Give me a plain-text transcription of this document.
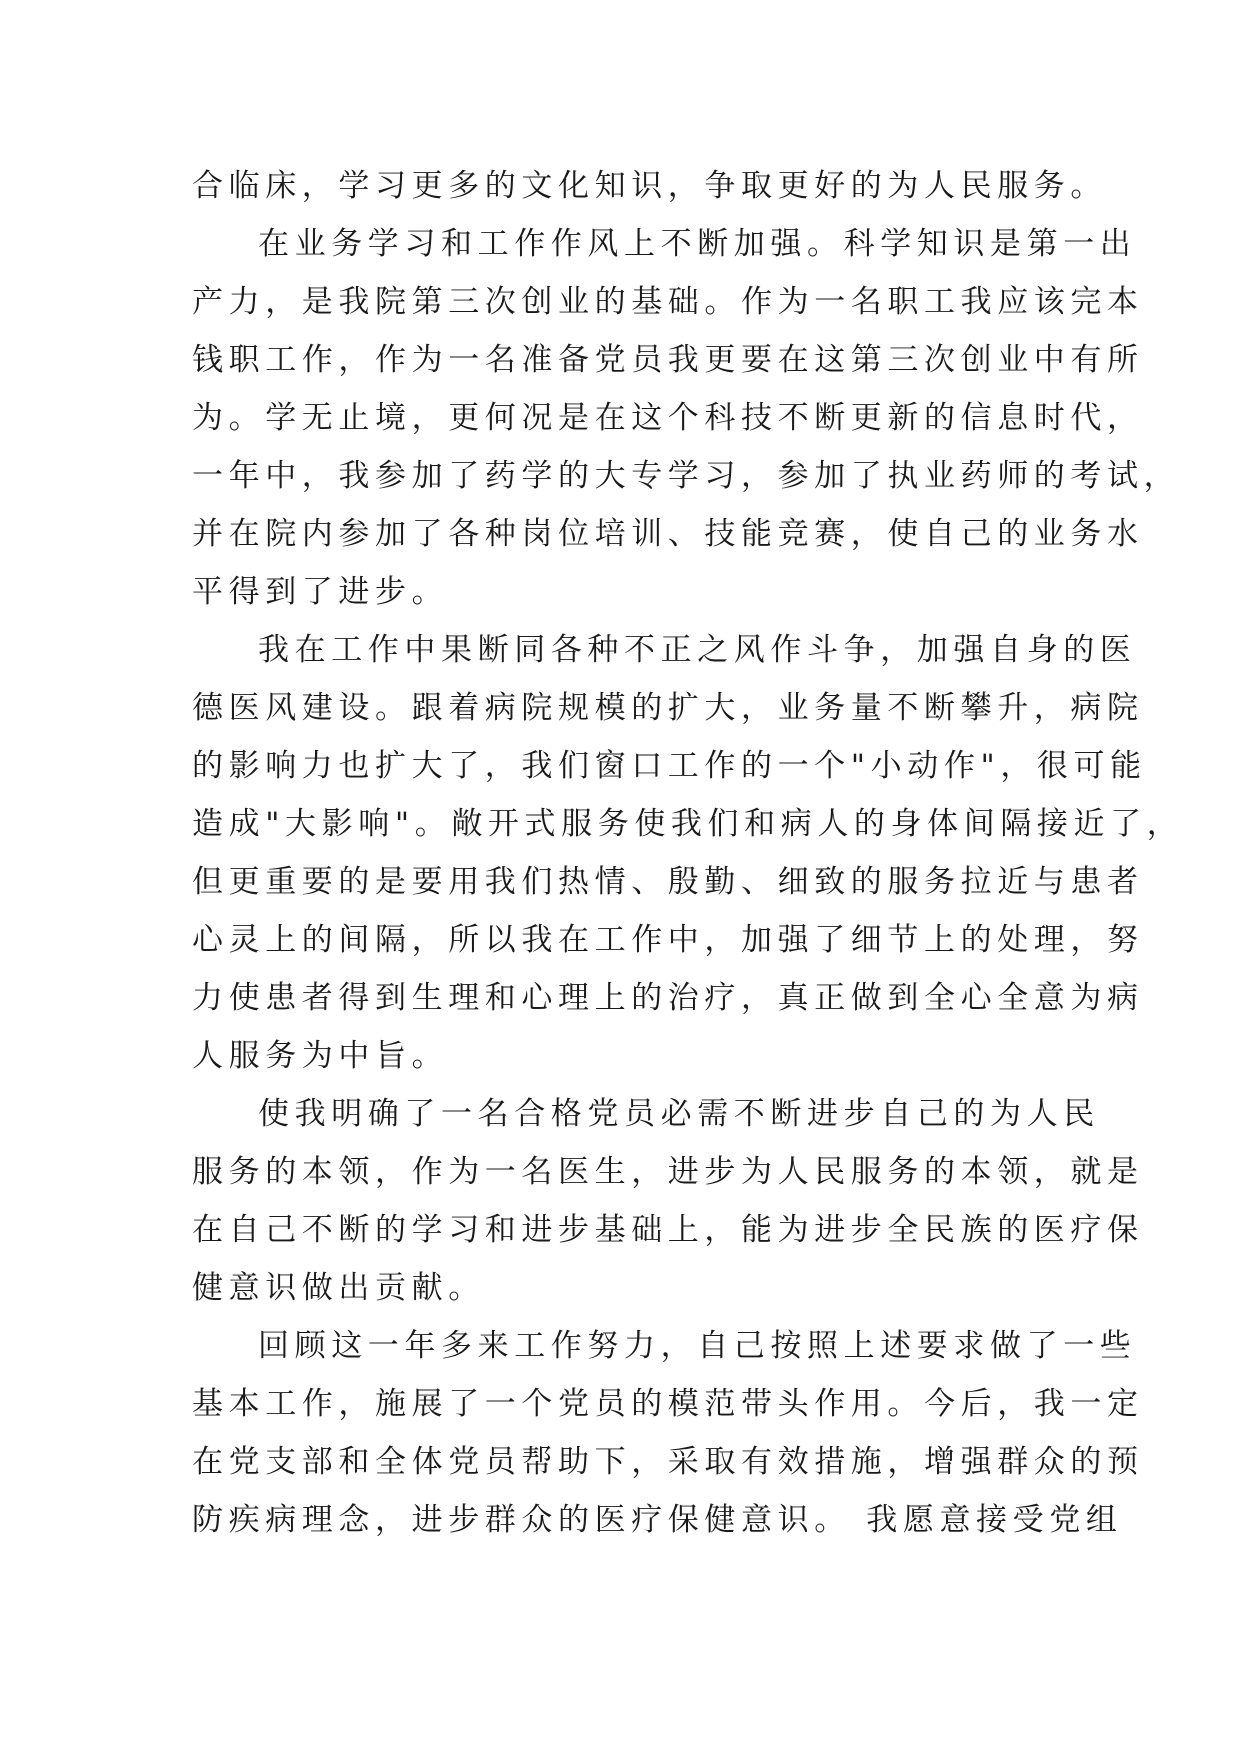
合临床，学习更多的文化知识，争取更好的为人民服务。
在业务学习和工作作风上不断加强。科学知识是第一出
产力，是我院第三次创业的基础。作为一名职工我应该完本
钱职工作，作为一名准备党员我更要在这第三次创业中有所
为。学无止境，更何况是在这个科技不断更新的信息时代，
一年中，我参加了药学的大专学习，参加了执业药师的考试，
并在院内参加了各种岗位培训、技能竞赛，使自己的业务水
平得到了进步。
我在工作中果断同各种不正之风作斗争，加强自身的医
德医风建设。跟着病院规模的扩大，业务量不断攀升，病院
的影响力也扩大了，我们窗口工作的一个"小动作"，很可能
造成"大影响"。敞开式服务使我们和病人的身体间隔接近了，
但更重要的是要用我们热情、殷勤、细致的服务拉近与患者
心灵上的间隔，所以我在工作中，加强了细节上的处理，努
力使患者得到生理和心理上的治疗，真正做到全心全意为病
人服务为中旨。
使我明确了一名合格党员必需不断进步自己的为人民
服务的本领，作为一名医生，进步为人民服务的本领，就是
在自己不断的学习和进步基础上，能为进步全民族的医疗保
健意识做出贡献。
回顾这一年多来工作努力，自己按照上述要求做了一些
基本工作，施展了一个党员的模范带头作用。今后，我一定
在党支部和全体党员帮助下，采取有效措施，增强群众的预
防疾病理念，进步群众的医疗保健意识。 我愿意接受党组
